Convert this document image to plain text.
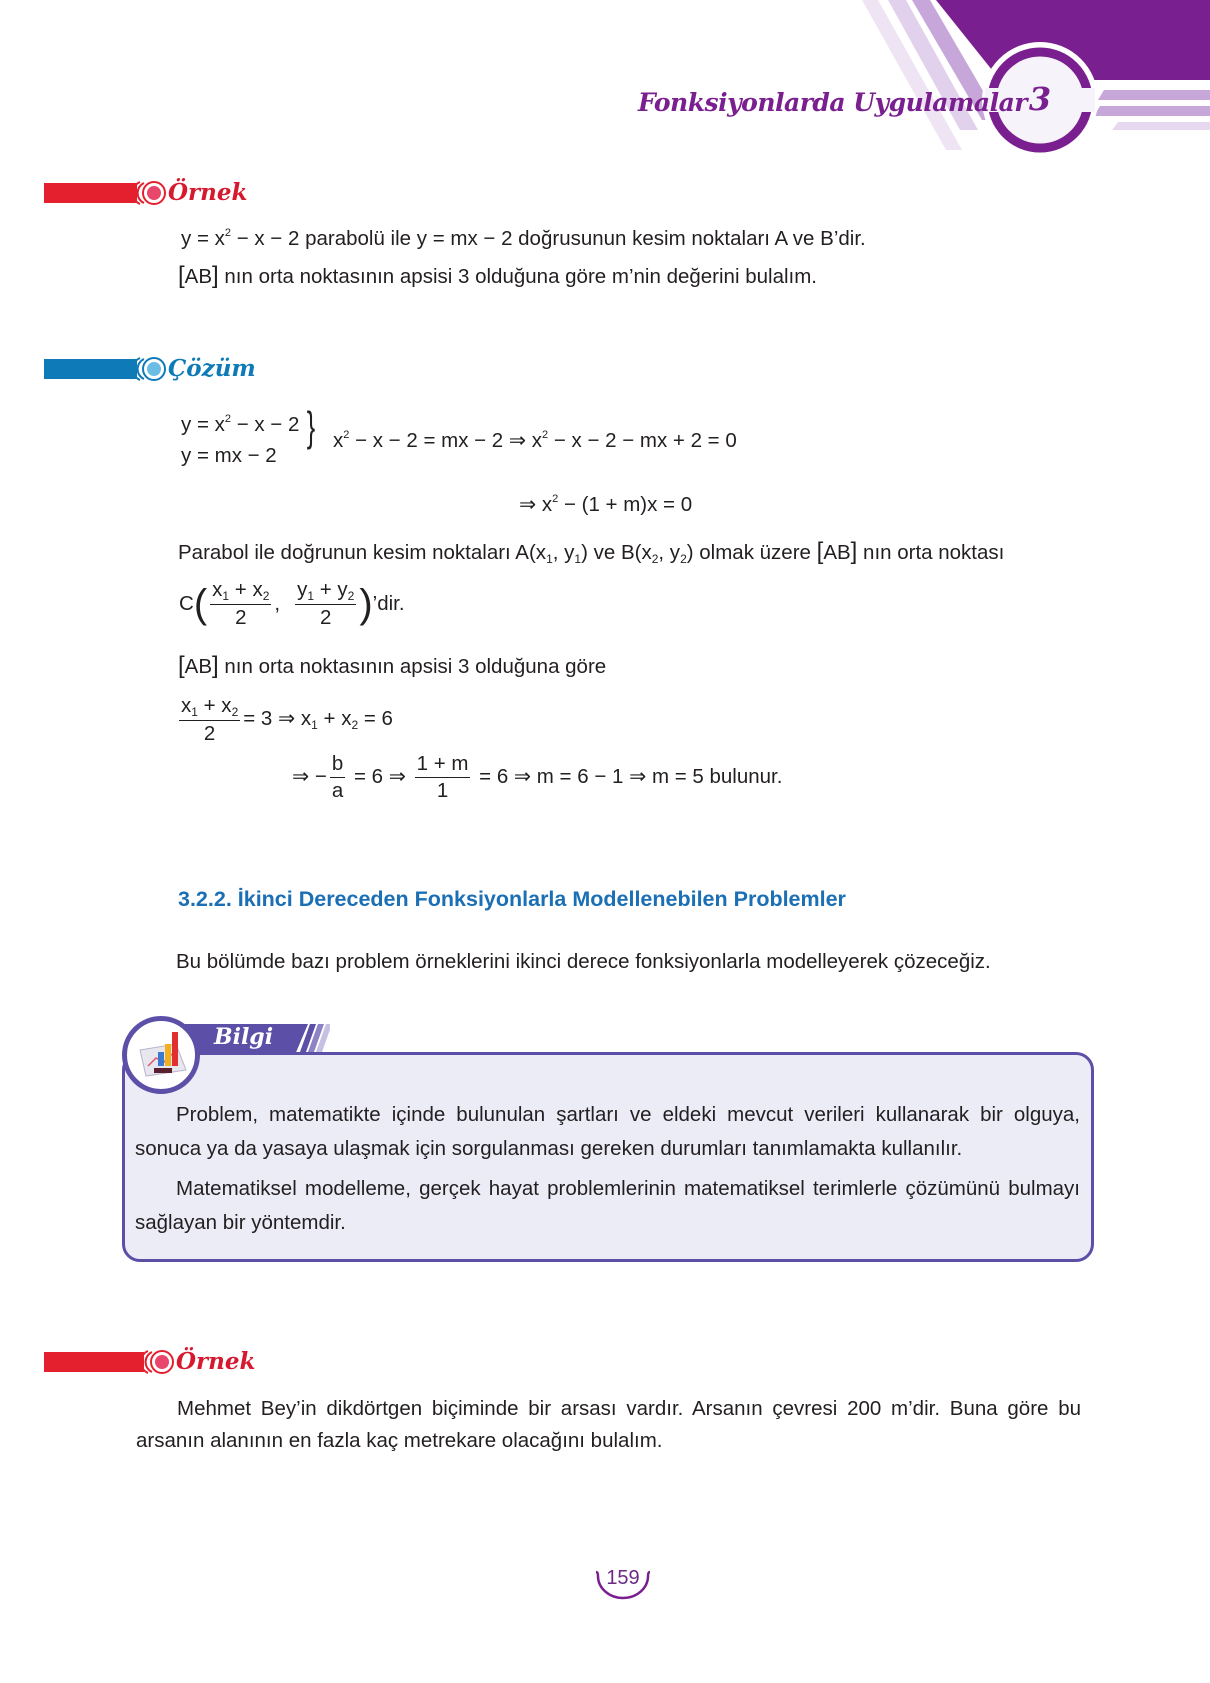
Fonksiyonlarda Uygulamalar 3
Örnek
$y = x^2 - x - 2$ parabolü ile y = mx − 2 doğrusunun kesim noktaları A ve B’dir.
[AB] nın orta noktasının apsisi 3 olduğuna göre m’nin değerini bulalım.
Çözüm
$y = x^2 - x - 2$
y = mx − 2
} $x^2 - x - 2$ = mx − 2 ⇒ $x^2 - x - 2$ − mx + 2 = 0
⇒ $x^2 - (1 + m)x = 0$
Parabol ile doğrunun kesim noktaları $A(x_1$, $y_1$) ve $B(x_2$, $y_2$) olmak üzere [AB] nın orta noktası
C ( $\frac{x_1 + x_2}{2}$ , $\frac{y_1 + y_2}{2}$ ) ’dir.
[AB] nın orta noktasının apsisi 3 olduğuna göre
$\frac{x_1 + x_2}{2} = 3$ ⇒ $x_1 + x_2 = 6$
⇒ − $\frac{b}{a} = 6$ ⇒ $\frac{1 + m}{1} = 6$ ⇒ m = 6 − 1 ⇒ m = 5 bulunur.
3.2.2. İkinci Dereceden Fonksiyonlarla Modellenebilen Problemler
Bu bölümde bazı problem örneklerini ikinci derece fonksiyonlarla modelleyerek çözeceğiz.
Bilgi
Problem, matematikte içinde bulunulan şartları ve eldeki mevcut verileri kullanarak bir olguya, sonuca ya da yasaya ulaşmak için sorgulanması gereken durumları tanımlamakta kullanılır.
Matematiksel modelleme, gerçek hayat problemlerinin matematiksel terimlerle çözümünü bulmayı sağlayan bir yöntemdir.
Örnek
Mehmet Bey’in dikdörtgen biçiminde bir arsası vardır. Arsanın çevresi 200 m’dir. Buna göre bu arsanın alanının en fazla kaç metrekare olacağını bulalım.
159
